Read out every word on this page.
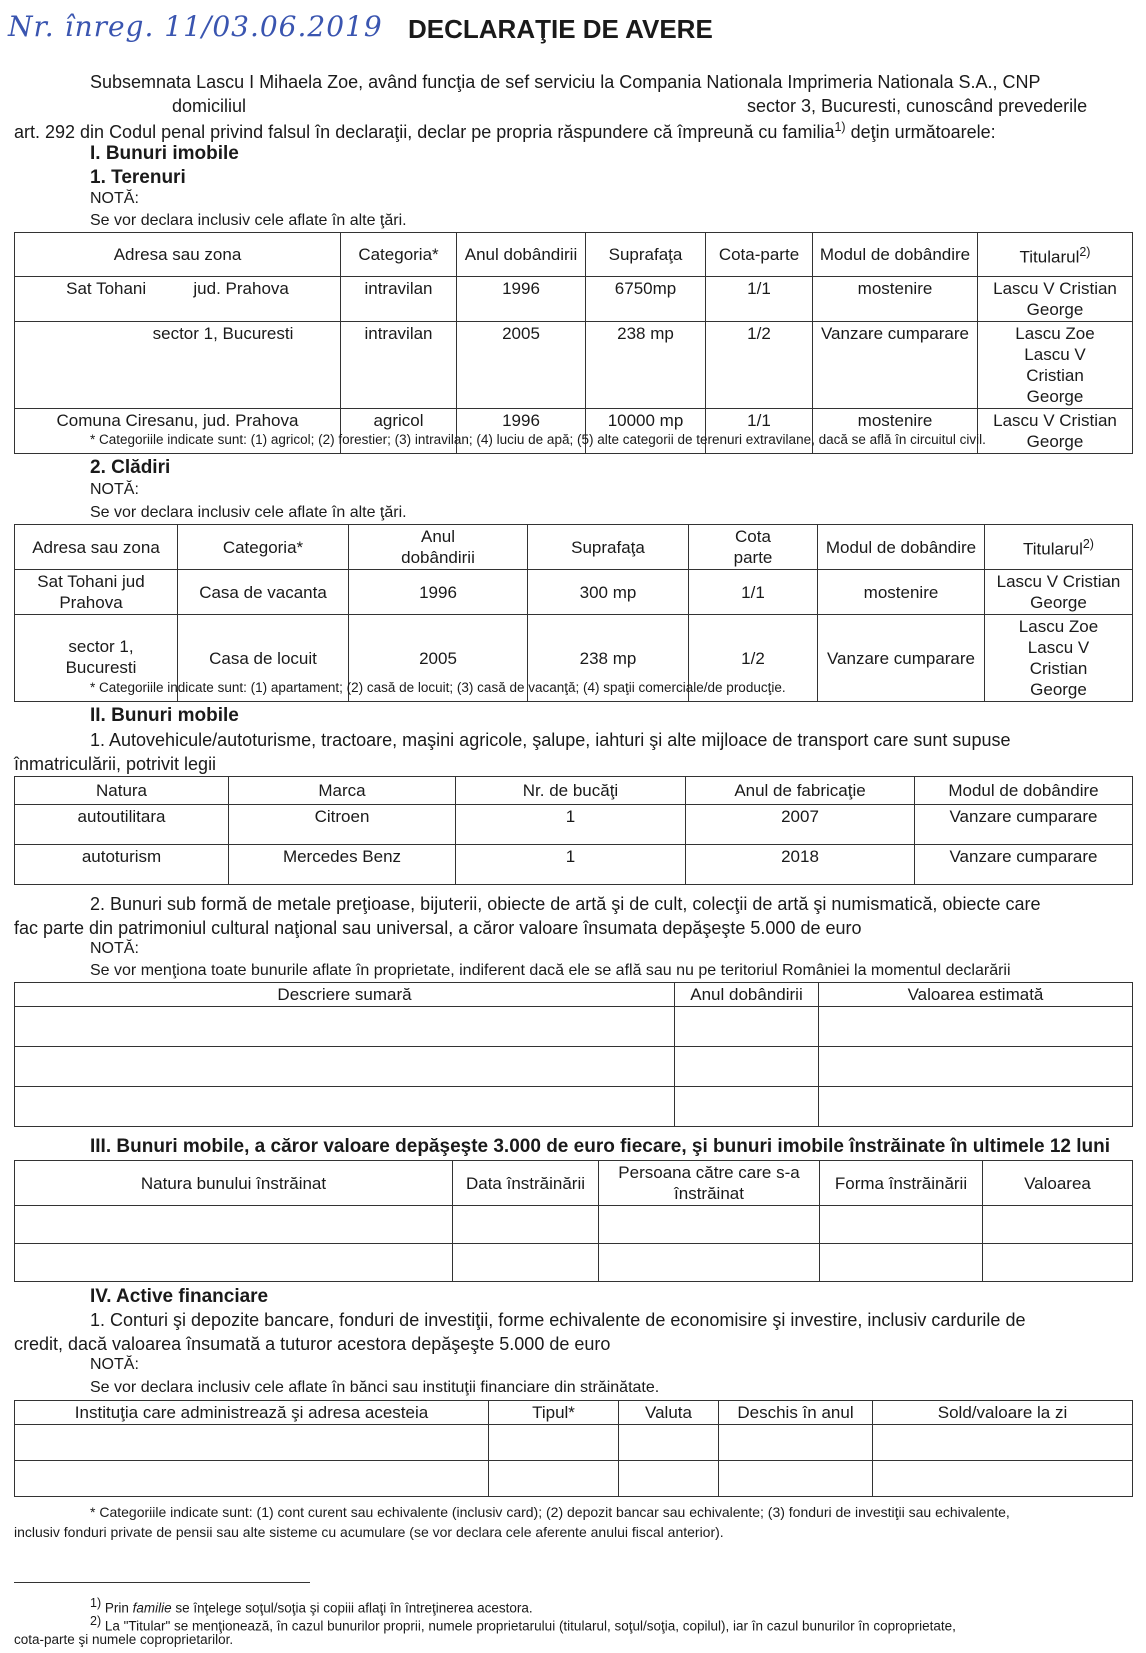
Nr. înreg. 11/03.06.2019 DECLARAŢIE DE AVERE
Subsemnata Lascu I Mihaela Zoe, având funcţia de sef serviciu la Compania Nationala Imprimeria Nationala S.A., CNP
domiciliul	sector 3, Bucuresti, cunoscând prevederile
art. 292 din Codul penal privind falsul în declaraţii, declar pe propria răspundere că împreună cu familia$^{1)}$ deţin următoarele:
I. Bunuri imobile
1. Terenuri
NOTĂ:
Se vor declara inclusiv cele aflate în alte ţări.
Adresa sau zona	Categoria*	Anul dobândirii	Suprafaţa	Cota-parte	Modul de dobândire	Titularul$^{2)}$
Sat Tohani          jud. Prahova	intravilan	1996	6750mp	1/1	mostenire	Lascu V Cristian George

sector 1, Bucuresti	intravilan	2005	238 mp	1/2	Vanzare cumparare	Lascu Zoe Lascu V Cristian George

Comuna Ciresanu, jud. Prahova	agricol	1996	10000 mp	1/1	mostenire	Lascu V Cristian George
* Categoriile indicate sunt: (1) agricol; (2) forestier; (3) intravilan; (4) luciu de apă; (5) alte categorii de terenuri extravilane, dacă se află în circuitul civil.
2. Clădiri
NOTĂ:
Se vor declara inclusiv cele aflate în alte ţări.
Adresa sau zona	Categoria*	Anul dobândirii	Suprafaţa	Cota parte	Modul de dobândire	Titularul$^{2)}$

Sat Tohani jud Prahova	Casa de vacanta	1996	300 mp	1/1	mostenire	Lascu V Cristian George

sector 1, Bucuresti	Casa de locuit	2005	238 mp	1/2	Vanzare cumparare	Lascu Zoe Lascu V Cristian George
* Categoriile indicate sunt: (1) apartament; (2) casă de locuit; (3) casă de vacanţă; (4) spaţii comerciale/de producţie.
II. Bunuri mobile
1. Autovehicule/autoturisme, tractoare, maşini agricole, şalupe, iahturi şi alte mijloace de transport care sunt supuse
înmatriculării, potrivit legii
Natura	Marca	Nr. de bucăţi	Anul de fabricaţie	Modul de dobândire
autoutilitara	Citroen	1	2007	Vanzare cumparare
autoturism	Mercedes Benz	1	2018	Vanzare cumparare
2. Bunuri sub formă de metale preţioase, bijuterii, obiecte de artă şi de cult, colecţii de artă şi numismatică, obiecte care
fac parte din patrimoniul cultural naţional sau universal, a căror valoare însumata depăşeşte 5.000 de euro
NOTĂ:
Se vor menţiona toate bunurile aflate în proprietate, indiferent dacă ele se află sau nu pe teritoriul României la momentul declarării
Descriere sumară	Anul dobândirii	Valoarea estimată

III. Bunuri mobile, a căror valoare depăşeşte 3.000 de euro fiecare, şi bunuri imobile înstrăinate în ultimele 12 luni
Natura bunului înstrăinat	Data înstrăinării	Persoana către care s-a înstrăinat	Forma înstrăinării	Valoarea

IV. Active financiare
1. Conturi şi depozite bancare, fonduri de investiţii, forme echivalente de economisire şi investire, inclusiv cardurile de
credit, dacă valoarea însumată a tuturor acestora depăşeşte 5.000 de euro
NOTĂ:
Se vor declara inclusiv cele aflate în bănci sau instituţii financiare din străinătate.
Instituţia care administrează şi adresa acesteia	Tipul*	Valuta	Deschis în anul	Sold/valoare la zi

* Categoriile indicate sunt: (1) cont curent sau echivalente (inclusiv card); (2) depozit bancar sau echivalente; (3) fonduri de investiţii sau echivalente,
inclusiv fonduri private de pensii sau alte sisteme cu acumulare (se vor declara cele aferente anului fiscal anterior).
$^{1)}$ Prin familie se înţelege soţul/soţia şi copiii aflaţi în întreţinerea acestora.
$^{2)}$ La "Titular" se menţionează, în cazul bunurilor proprii, numele proprietarului (titularul, soţul/soţia, copilul), iar în cazul bunurilor în coproprietate,
cota-parte şi numele coproprietarilor.
